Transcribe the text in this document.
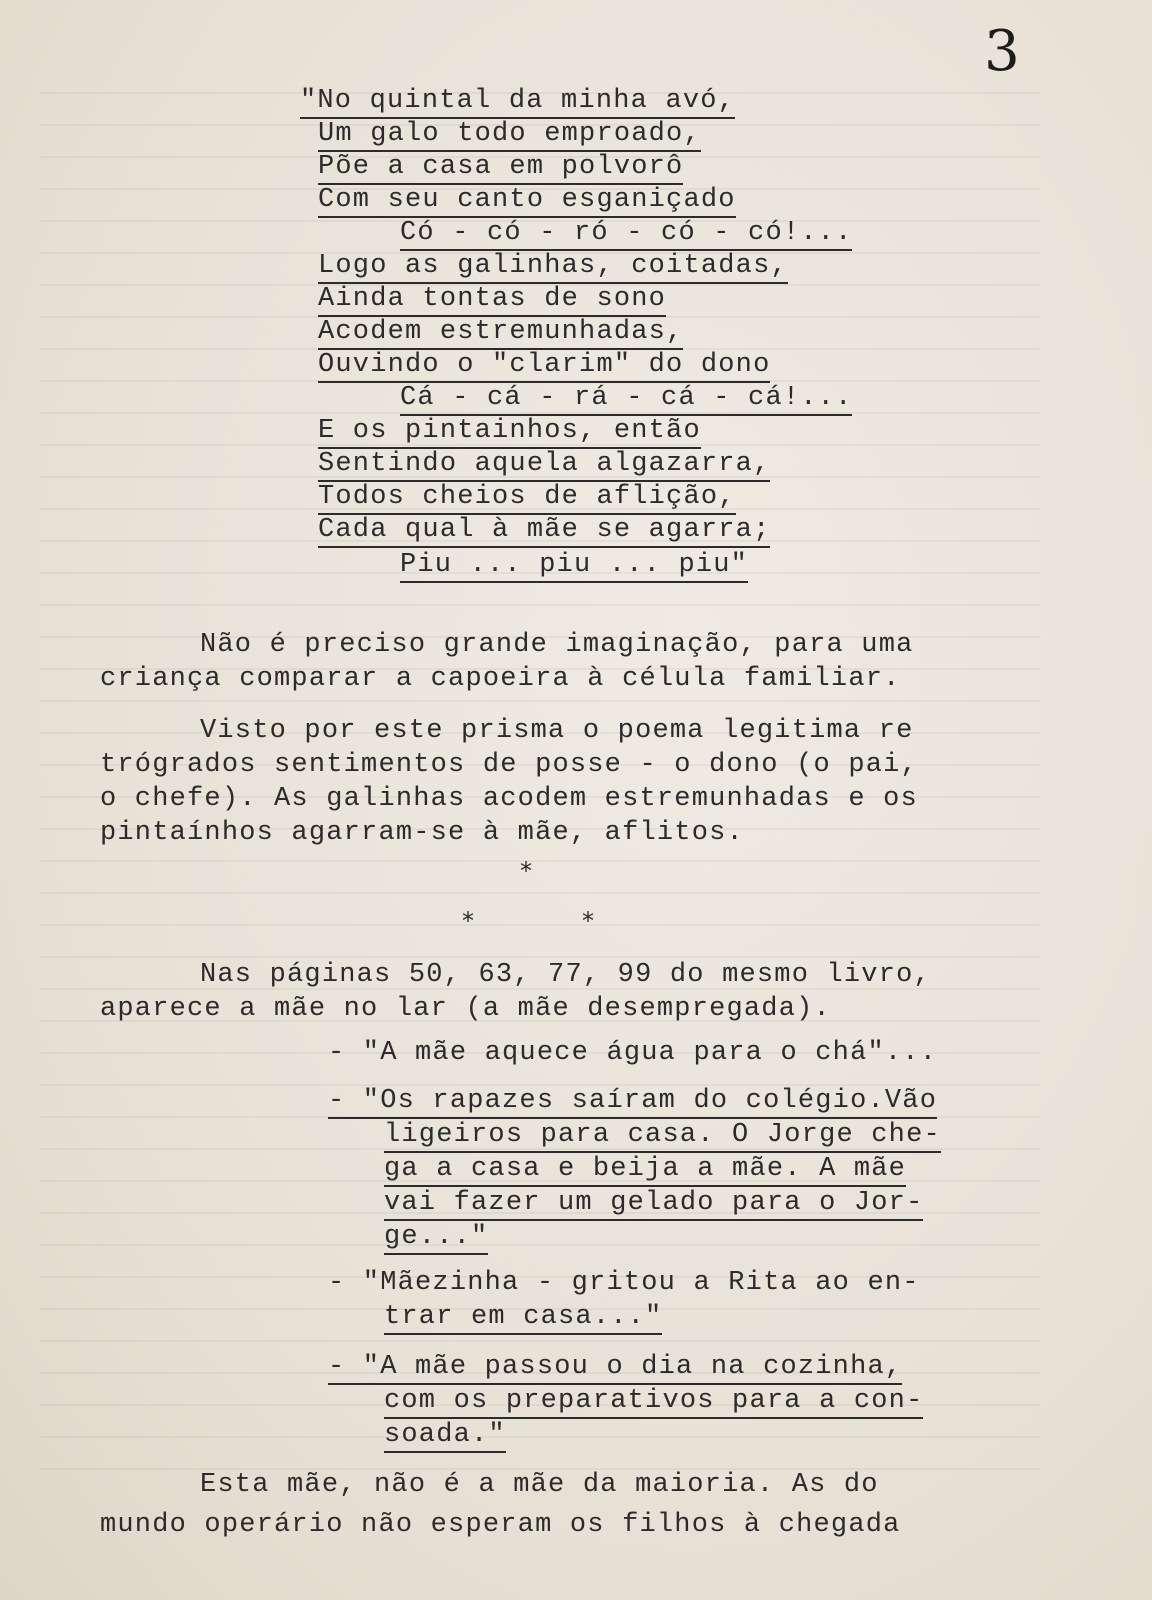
3
"No quintal da minha avó,
Um galo todo emproado,
Põe a casa em polvorô
Com seu canto esganiçado
Có - có - ró - có - có!...
Logo as galinhas, coitadas,
Ainda tontas de sono
Acodem estremunhadas,
Ouvindo o "clarim" do dono
Cá - cá - rá - cá - cá!...
E os pintainhos, então
Sentindo aquela algazarra,
Todos cheios de aflição,
Cada qual à mãe se agarra;
Piu ... piu ... piu"
Não é preciso grande imaginação, para uma
criança comparar a capoeira à célula familiar.
Visto por este prisma o poema legitima re
trógrados sentimentos de posse - o dono (o pai,
o chefe). As galinhas acodem estremunhadas e os
pintaínhos agarram-se à mãe, aflitos.
*
*	*
Nas páginas 50, 63, 77, 99 do mesmo livro,
aparece a mãe no lar (a mãe desempregada).
- "A mãe aquece água para o chá"...
- "Os rapazes saíram do colégio.Vão
ligeiros para casa. O Jorge che-
ga a casa e beija a mãe. A mãe
vai fazer um gelado para o Jor-
ge..."
- "Mãezinha - gritou a Rita ao en-
trar em casa..."
- "A mãe passou o dia na cozinha,
com os preparativos para a con-
soada."
Esta mãe, não é a mãe da maioria. As do
mundo operário não esperam os filhos à chegada
